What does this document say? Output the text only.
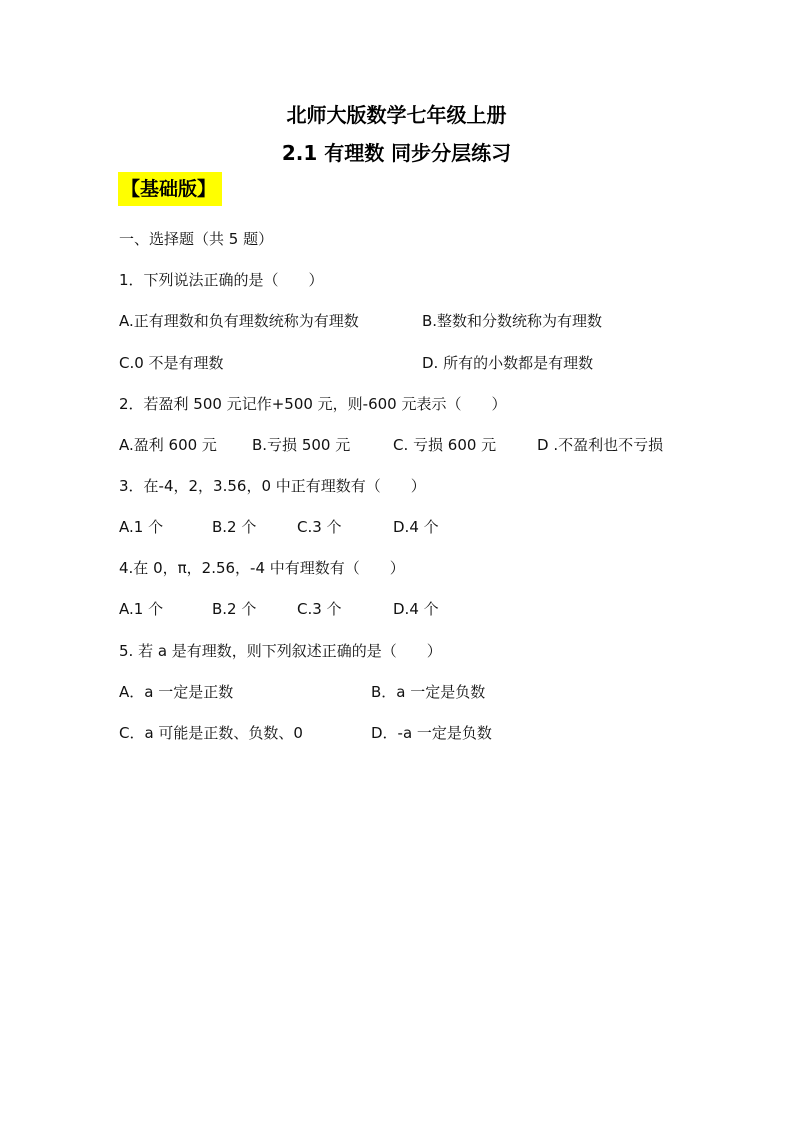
北师大版数学七年级上册
2.1 有理数 同步分层练习
【基础版】
一、选择题（共 5 题）
1．下列说法正确的是（　　）
A.正有理数和负有理数统称为有理数	B.整数和分数统称为有理数
C.0 不是有理数	D. 所有的小数都是有理数
2．若盈利 500 元记作+500 元，则-600 元表示（　　）
A.盈利 600 元 B.亏损 500 元	C. 亏损 600 元	D .不盈利也不亏损
3．在-4，2，3.56，0 中正有理数有（　　）
A.1 个	B.2 个	C.3 个	D.4 个
4.在 0，π，2.56，-4 中有理数有（　　）
A.1 个	B.2 个	C.3 个	D.4 个
5. 若 a 是有理数，则下列叙述正确的是（　　）
A．a 一定是正数	B．a 一定是负数
C．a 可能是正数、负数、0	D．-a 一定是负数
